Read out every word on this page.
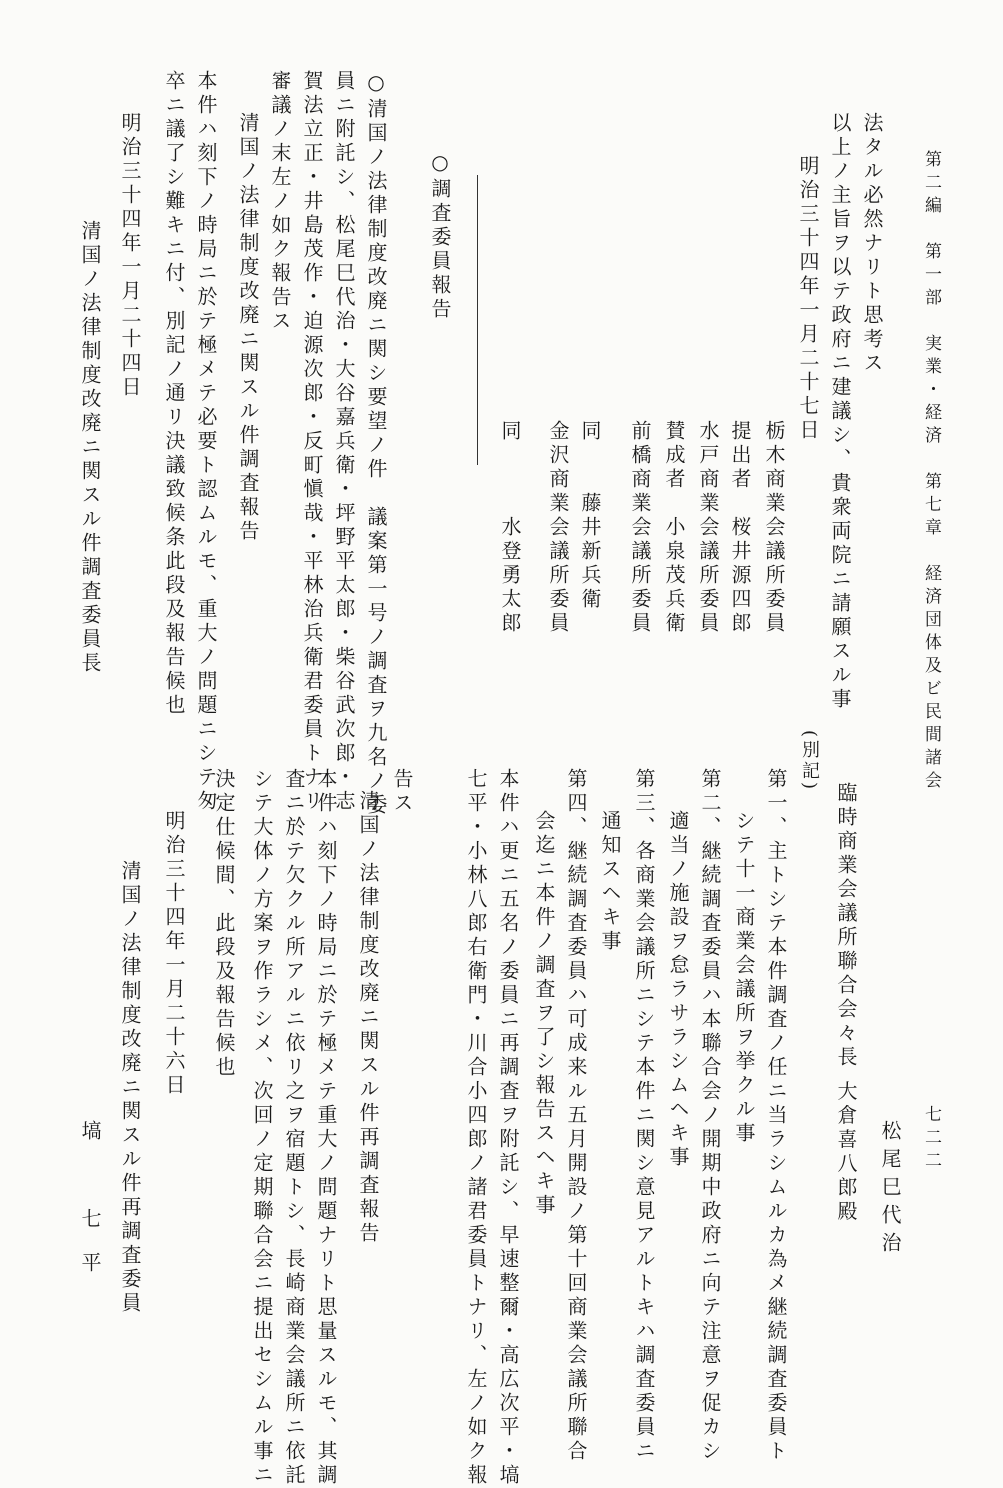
第二編　第一部　実業・経済　第七章　経済団体及ビ民間諸会
七二二
法タル必然ナリト思考ス
以上ノ主旨ヲ以テ政府ニ建議シ、貴衆両院ニ請願スル事
明治三十四年一月二十七日
栃木商業会議所委員
提出者　桜井源四郎
水戸商業会議所委員
賛成者　小泉茂兵衛
前橋商業会議所委員
同　　藤井新兵衛
金沢商業会議所委員
同　　　水登勇太郎
○調査委員報告
○清国ノ法律制度改廃ニ関シ要望ノ件　議案第一号ノ調査ヲ九名ノ委
員ニ附託シ、松尾巳代治・大谷嘉兵衛・坪野平太郎・柴谷武次郎・志
賀法立正・井島茂作・迫源次郎・反町愼哉・平林治兵衛君委員トナリ
審議ノ末左ノ如ク報告ス
清国ノ法律制度改廃ニ関スル件調査報告
本件ハ刻下ノ時局ニ於テ極メテ必要ト認ムルモ、重大ノ問題ニシテ匆
卒ニ議了シ難キニ付、別記ノ通リ決議致候条此段及報告候也
明治三十四年一月二十四日
清国ノ法律制度改廃ニ関スル件調査委員長
松尾巳代治
臨時商業会議所聯合会々長 大倉喜八郎殿
(別記)
第一、主トシテ本件調査ノ任ニ当ラシムルカ為メ継続調査委員ト
シテ十一商業会議所ヲ挙クル事
第二、継続調査委員ハ本聯合会ノ開期中政府ニ向テ注意ヲ促カシ
適当ノ施設ヲ怠ラサラシムヘキ事
第三、各商業会議所ニシテ本件ニ関シ意見アルトキハ調査委員ニ
通知スヘキ事
第四、継続調査委員ハ可成来ル五月開設ノ第十回商業会議所聯合
会迄ニ本件ノ調査ヲ了シ報告スヘキ事
本件ハ更ニ五名ノ委員ニ再調査ヲ附託シ、早速整爾・高広次平・塙
七平・小林八郎右衛門・川合小四郎ノ諸君委員トナリ、左ノ如ク報
告ス
清国ノ法律制度改廃ニ関スル件再調査報告
本件ハ刻下ノ時局ニ於テ極メテ重大ノ問題ナリト思量スルモ、其調
査ニ於テ欠クル所アルニ依リ之ヲ宿題トシ、長崎商業会議所ニ依託
シテ大体ノ方案ヲ作ラシメ、次回ノ定期聯合会ニ提出セシムル事ニ
決定仕候間、此段及報告候也
明治三十四年一月二十六日
清国ノ法律制度改廃ニ関スル件再調査委員
塙　　　七　平
